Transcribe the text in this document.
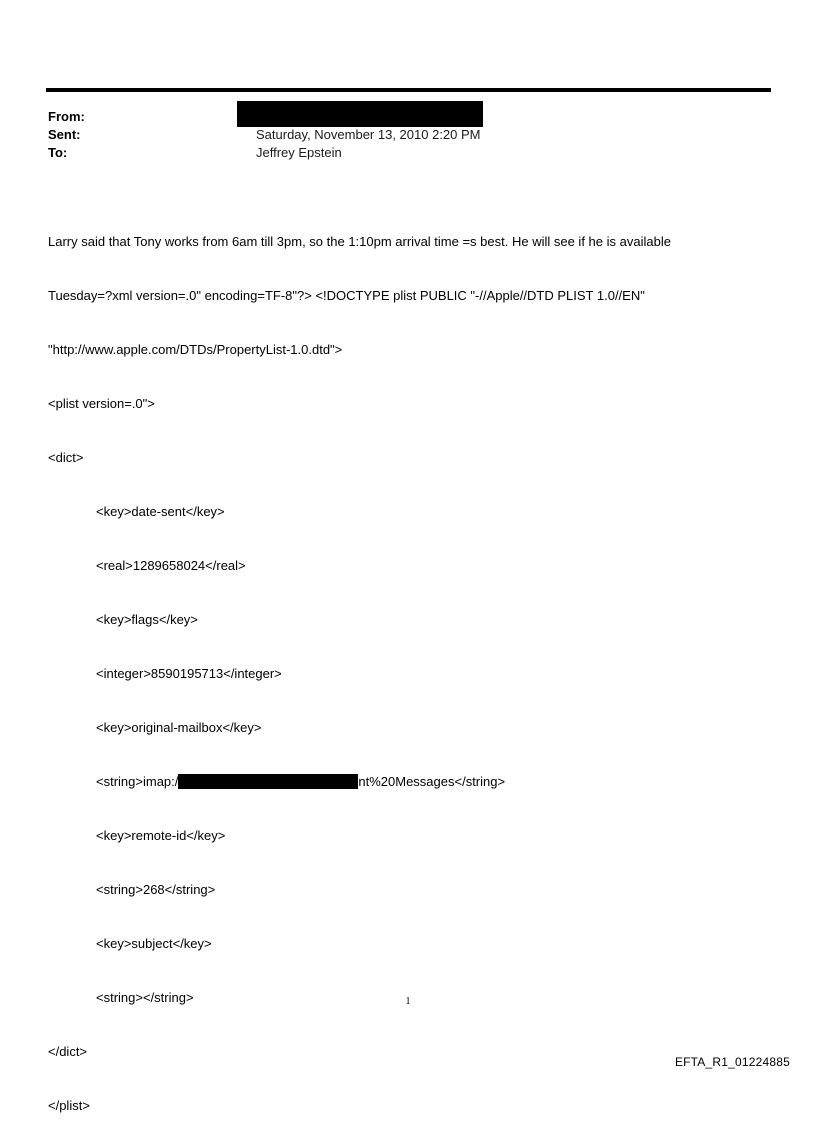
From:
Sent:	Saturday, November 13, 2010 2:20 PM
To:	Jeffrey Epstein

Larry said that Tony works from 6am till 3pm, so the 1:10pm arrival time =s best. He will see if he is available

Tuesday=?xml version=.0" encoding=TF-8"?> <!DOCTYPE plist PUBLIC "-//Apple//DTD PLIST 1.0//EN"

"http://www.apple.com/DTDs/PropertyList-1.0.dtd">

<plist version=.0">

<dict>

<key>date-sent</key>

<real>1289658024</real>

<key>flags</key>

<integer>8590195713</integer>

<key>original-mailbox</key>

<string>imap:/	nt%20Messages</string>

<key>remote-id</key>

<string>268</string>

<key>subject</key>

<string></string>

</dict>

</plist>

1
EFTA_R1_01224885
